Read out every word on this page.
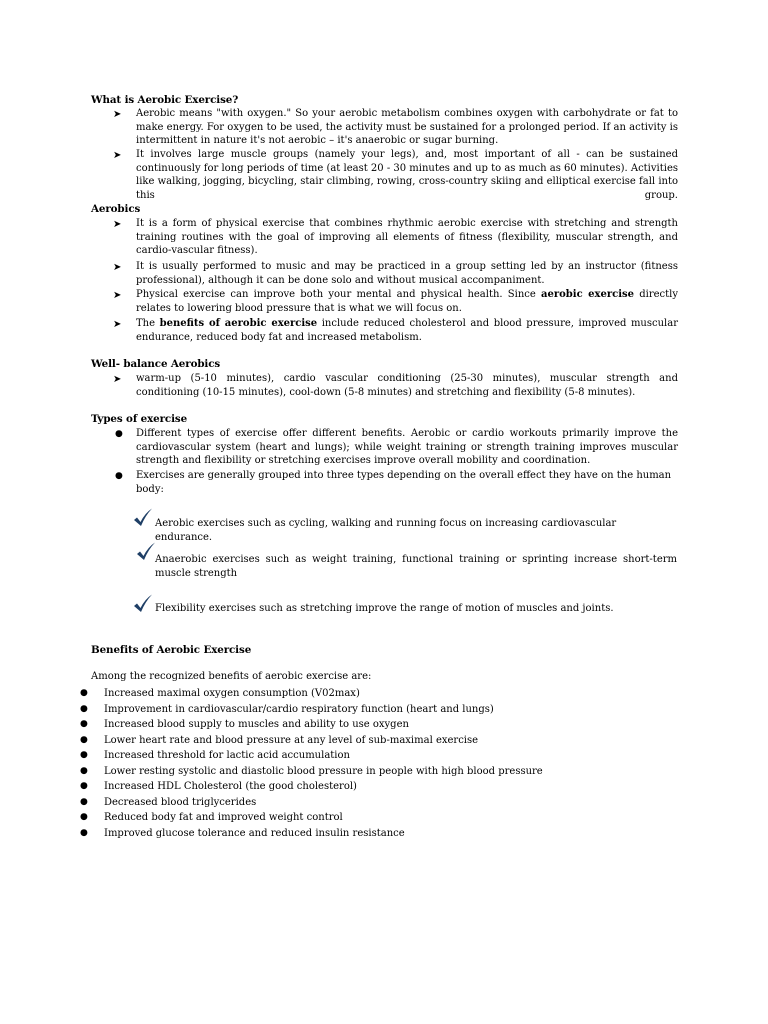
What is Aerobic Exercise?
➤ Aerobic means "with oxygen." So your aerobic metabolism combines oxygen with carbohydrate or fat to make energy. For oxygen to be used, the activity must be sustained for a prolonged period. If an activity is intermittent in nature it's not aerobic – it's anaerobic or sugar burning.

➤ It involves large muscle groups (namely your legs), and, most important of all - can be sustained continuously for long periods of time (at least 20 - 30 minutes and up to as much as 60 minutes). Activities like walking, jogging, bicycling, stair climbing, rowing, cross-country skiing and elliptical exercise fall into this group.

Aerobics
➤ It is a form of physical exercise that combines rhythmic aerobic exercise with stretching and strength training routines with the goal of improving all elements of fitness (flexibility, muscular strength, and cardio-vascular fitness).

➤ It is usually performed to music and may be practiced in a group setting led by an instructor (fitness professional), although it can be done solo and without musical accompaniment.

➤ Physical exercise can improve both your mental and physical health. Since aerobic exercise directly relates to lowering blood pressure that is what we will focus on.

➤ The benefits of aerobic exercise include reduced cholesterol and blood pressure, improved muscular endurance, reduced body fat and increased metabolism.

Well- balance Aerobics
➤ warm-up (5-10 minutes), cardio vascular conditioning (25-30 minutes), muscular strength and conditioning (10-15 minutes), cool-down (5-8 minutes) and stretching and flexibility (5-8 minutes).

Types of exercise
● Different types of exercise offer different benefits. Aerobic or cardio workouts primarily improve the cardiovascular system (heart and lungs); while weight training or strength training improves muscular strength and flexibility or stretching exercises improve overall mobility and coordination.

● Exercises are generally grouped into three types depending on the overall effect they have on the human body:

Aerobic exercises such as cycling, walking and running focus on increasing cardiovascular endurance.
Anaerobic exercises such as weight training, functional training or sprinting increase short-term muscle strength
Flexibility exercises such as stretching improve the range of motion of muscles and joints.
Benefits of Aerobic Exercise
Among the recognized benefits of aerobic exercise are:
● Increased maximal oxygen consumption (V02max)
● Improvement in cardiovascular/cardio respiratory function (heart and lungs)
● Increased blood supply to muscles and ability to use oxygen
● Lower heart rate and blood pressure at any level of sub-maximal exercise
● Increased threshold for lactic acid accumulation
● Lower resting systolic and diastolic blood pressure in people with high blood pressure
● Increased HDL Cholesterol (the good cholesterol)
● Decreased blood triglycerides
● Reduced body fat and improved weight control
● Improved glucose tolerance and reduced insulin resistance
